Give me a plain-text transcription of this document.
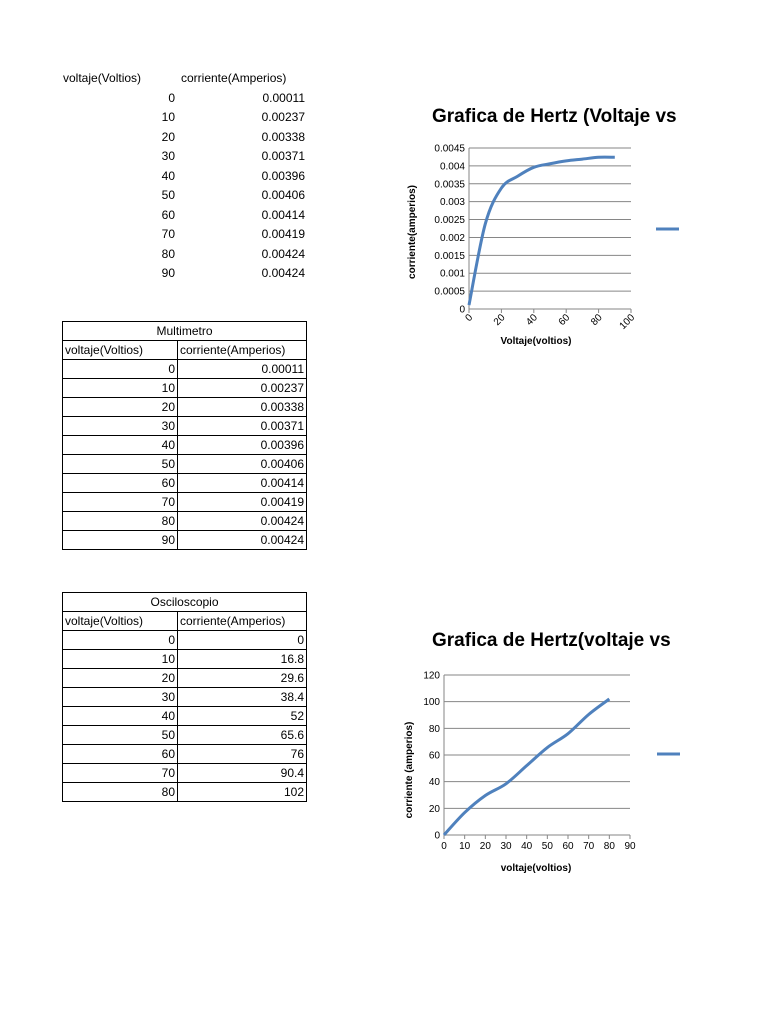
voltaje(Voltios)	corriente(Amperios)
0	0.00011
10	0.00237
20	0.00338
30	0.00371
40	0.00396
50	0.00406
60	0.00414
70	0.00419
80	0.00424
90	0.00424
Multimetro	
voltaje(Voltios)	corriente(Amperios)
0	0.00011
10	0.00237
20	0.00338
30	0.00371
40	0.00396
50	0.00406
60	0.00414
70	0.00419
80	0.00424
90	0.00424
Osciloscopio	
voltaje(Voltios)	corriente(Amperios)
0	0
10	16.8
20	29.6
30	38.4
40	52
50	65.6
60	76
70	90.4
80	102
Grafica de Hertz (Voltaje vs
0
0.0005
0.001
0.0015
0.002
0.0025
0.003
0.0035
0.004
0.0045
0 20 40 60 80 100
Voltaje(voltios)
corriente(amperios)
Grafica de Hertz(voltaje vs
0
20
40
60
80
100
120
0 10 20 30 40 50 60 70 80 90
voltaje(voltios)
corriente (amperios)
